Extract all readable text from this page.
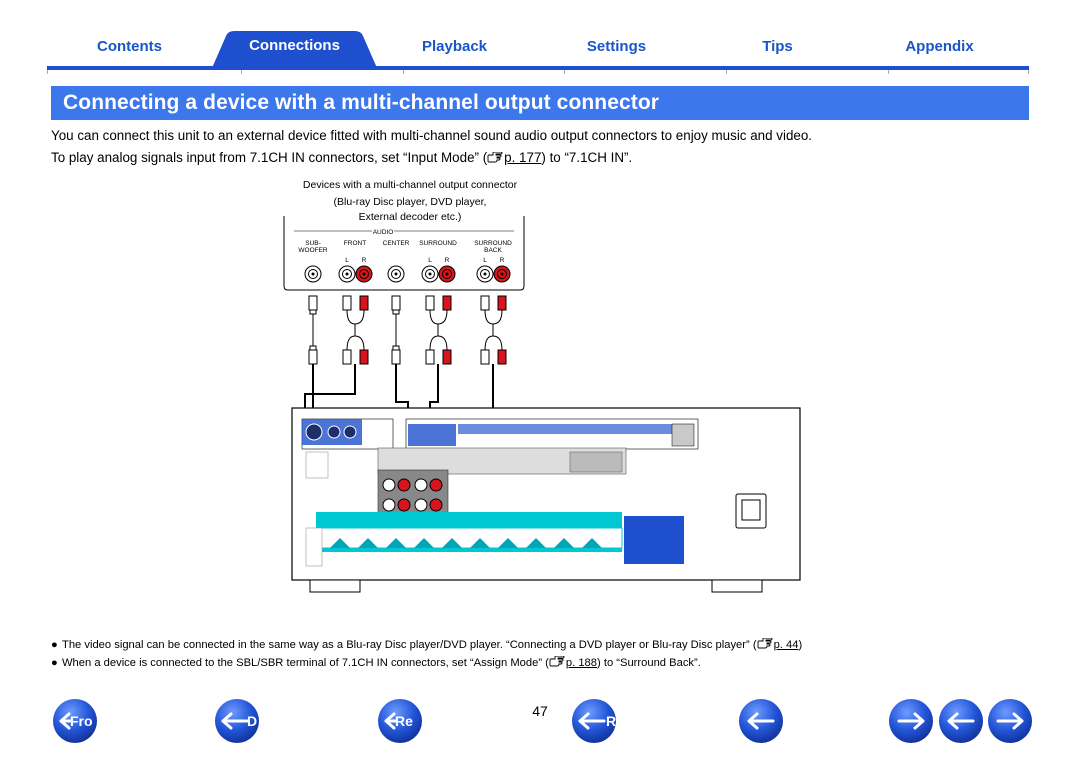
Contents	Connections	Playback	Settings	Tips	Appendix
Connecting a device with a multi-channel output connector
You can connect this unit to an external device fitted with multi-channel sound audio output connectors to enjoy music and video.
To play analog signals input from 7.1CH IN connectors, set “Input Mode” ( p. 177) to “7.1CH IN”.
Devices with a multi-channel output connector
(Blu-ray Disc player, DVD player,
External decoder etc.)
AUDIO
SUB-
WOOFER
FRONT	CENTER SURROUND	SURROUND
BACK
L R	L R	L R
● The video signal can be connected in the same way as a Blu-ray Disc player/DVD player. “Connecting a DVD player or Blu-ray Disc player” ( p. 44)
● When a device is connected to the SBL/SBR terminal of 7.1CH IN connectors, set “Assign Mode” ( p. 188) to “Surround Back”.
Fro	D	Re
47
R
